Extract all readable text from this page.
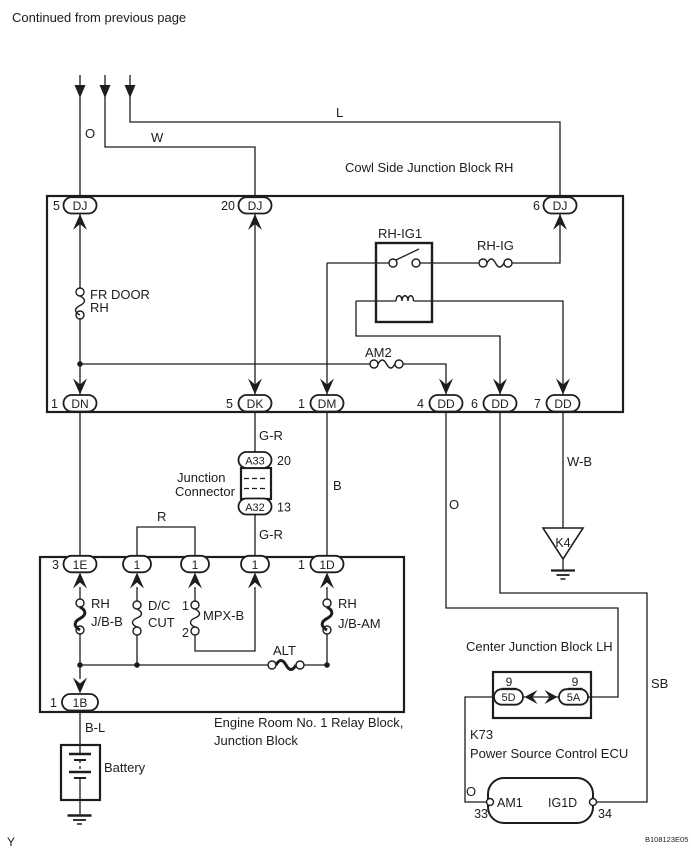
Continued from previous page
O	W
L
Cowl Side Junction Block RH
FR DOOR
RH
RH-IG1
RH-IG
AM2
5 DJ	20 DJ	6 DJ
1 DN	5 DK	1 DM	4 DD 6 DD 7 DD
G-R
G-R
B
R
Junction
Connector
A33 20
A32 13
Engine Room No. 1 Relay Block,
Junction Block
3 1E	1	1	1	1 1D
RH
J/B-B
D/C
CUT
1
2
MPX-B
RH
J/B-AM
ALT
1 1B
B-L
Battery
O
W-B
SB
K4
Center Junction Block LH
9	9
5D	5A
K73
Power Source Control ECU
O
AM1 IG1D
33	34
Y	B108123E05
